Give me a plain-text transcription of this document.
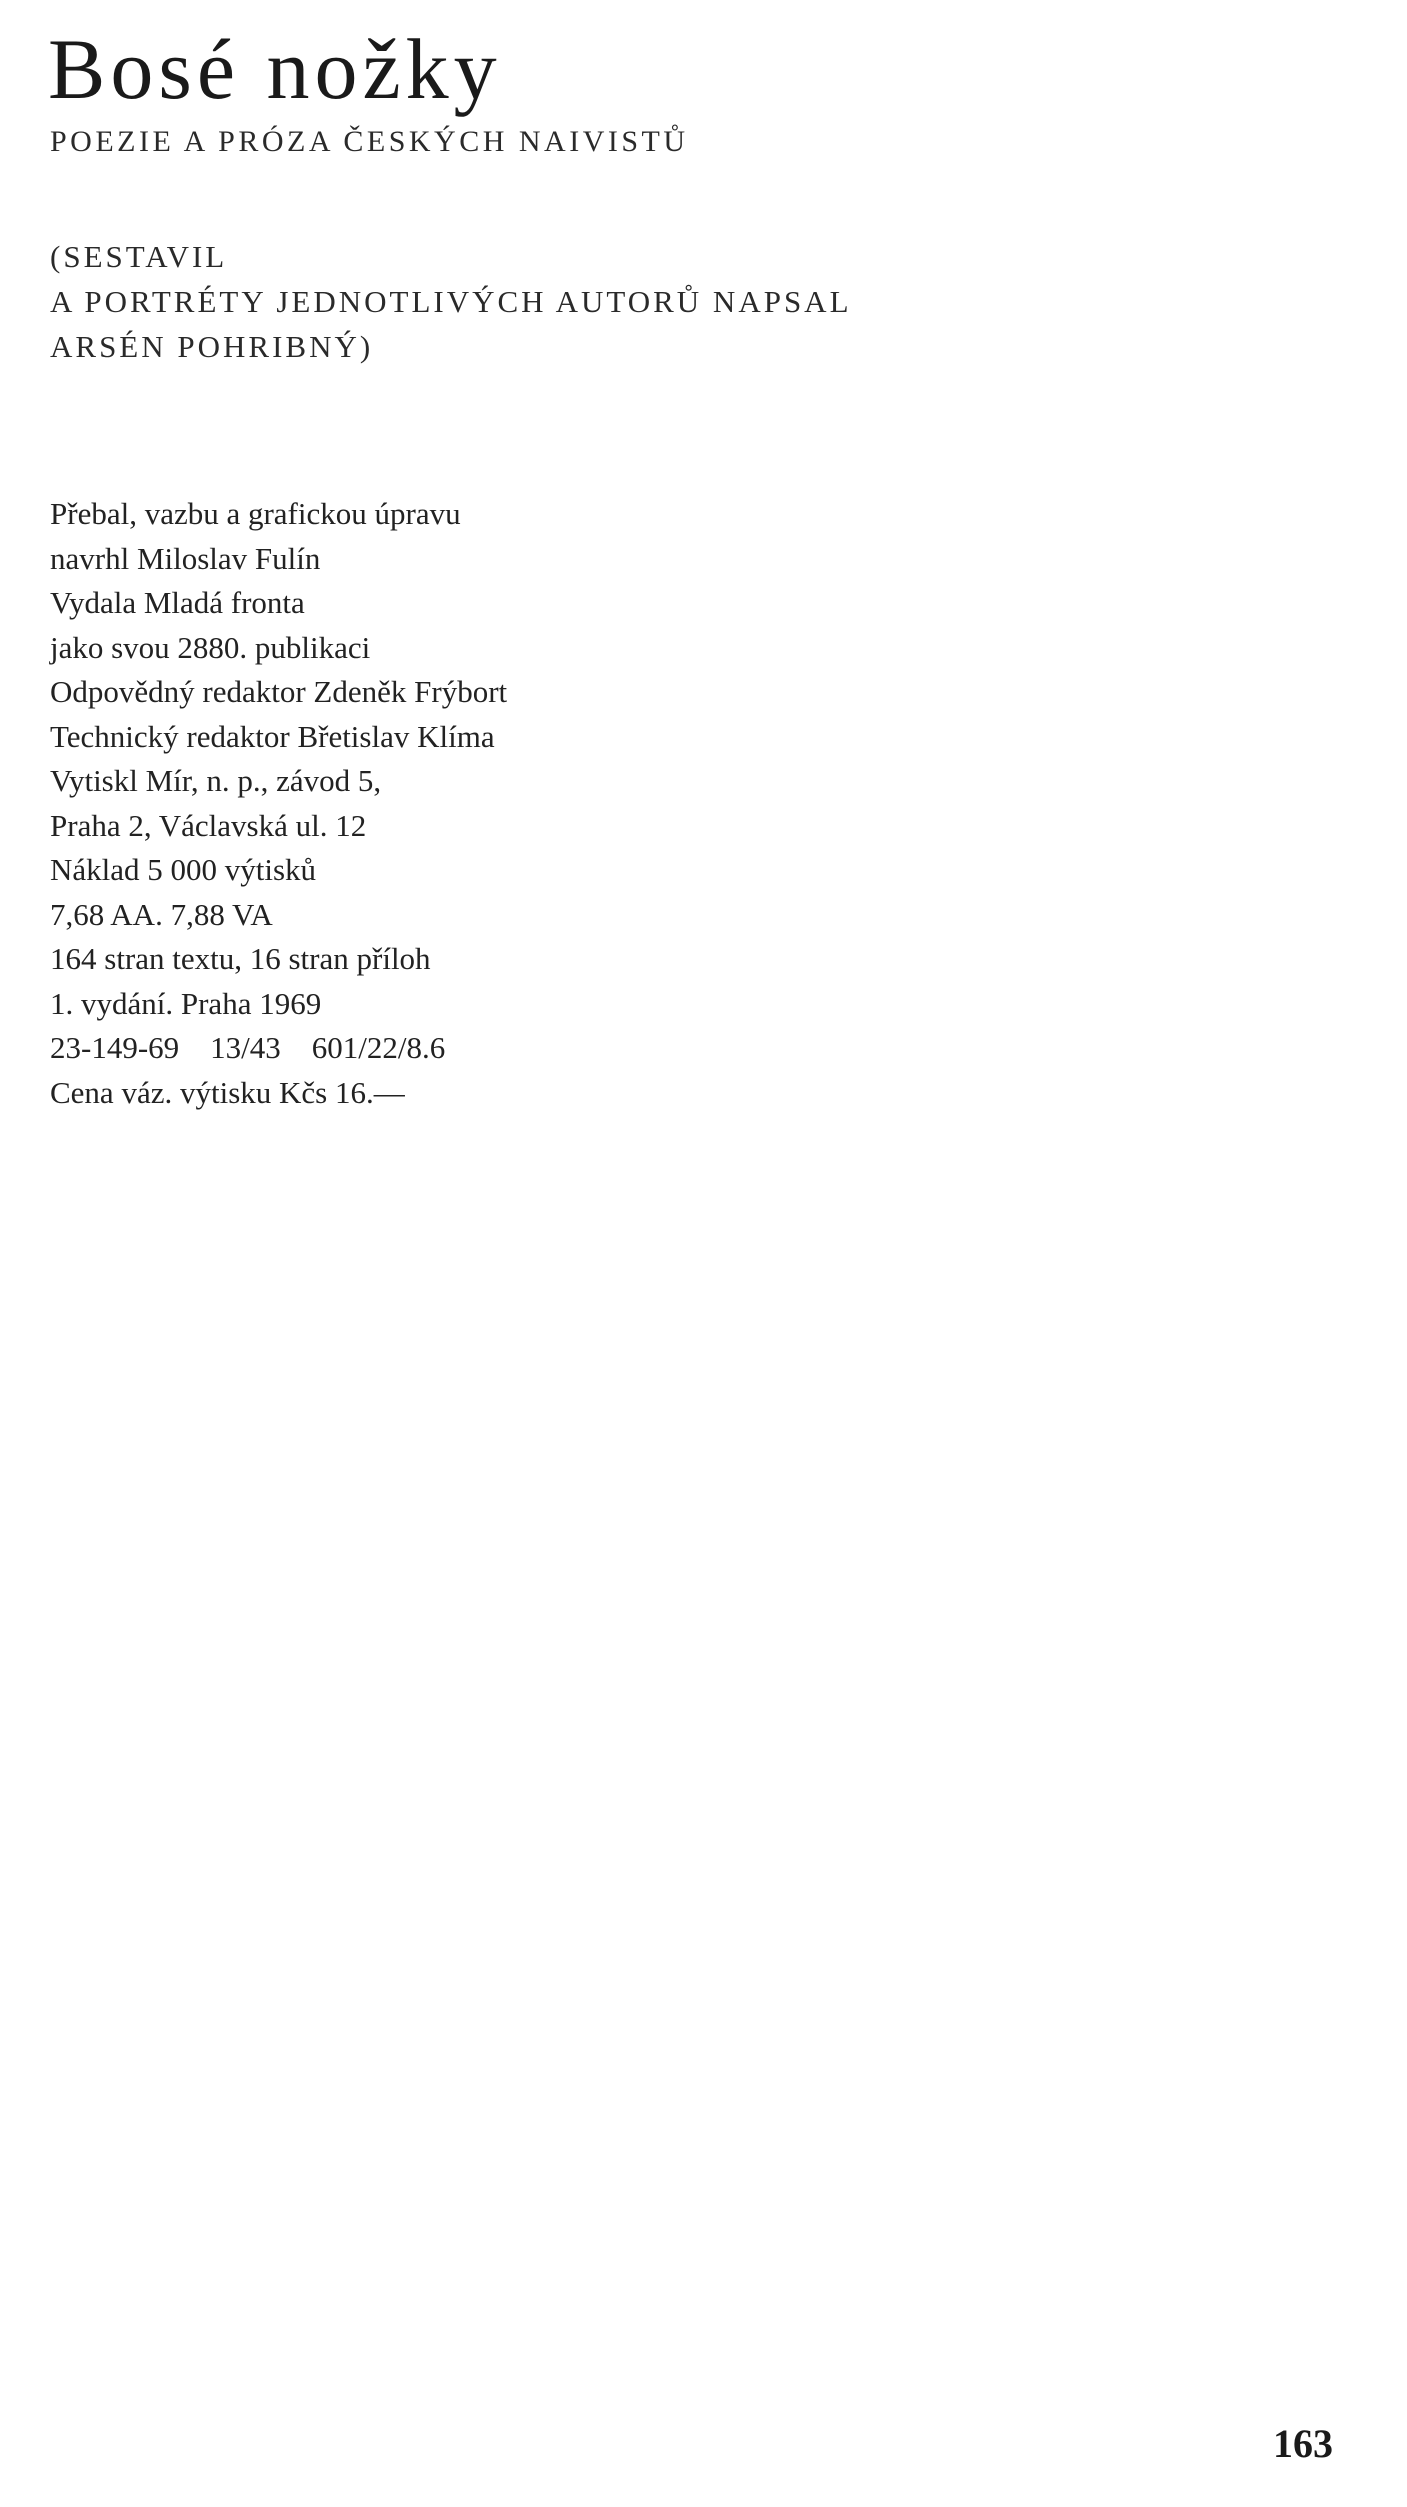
Bosé nožky

POEZIE A PRÓZA ČESKÝCH NAIVISTŮ

(SESTAVIL
A PORTRÉTY JEDNOTLIVÝCH AUTORŮ NAPSAL
ARSÉN POHRIBNÝ)

Přebal, vazbu a grafickou úpravu
navrhl Miloslav Fulín
Vydala Mladá fronta
jako svou 2880. publikaci
Odpovědný redaktor Zdeněk Frýbort
Technický redaktor Břetislav Klíma
Vytiskl Mír, n. p., závod 5,
Praha 2, Václavská ul. 12
Náklad 5 000 výtisků
7,68 AA. 7,88 VA
164 stran textu, 16 stran příloh
1. vydání. Praha 1969
23-149-69    13/43    601/22/8.6
Cena váz. výtisku Kčs 16.—
163
